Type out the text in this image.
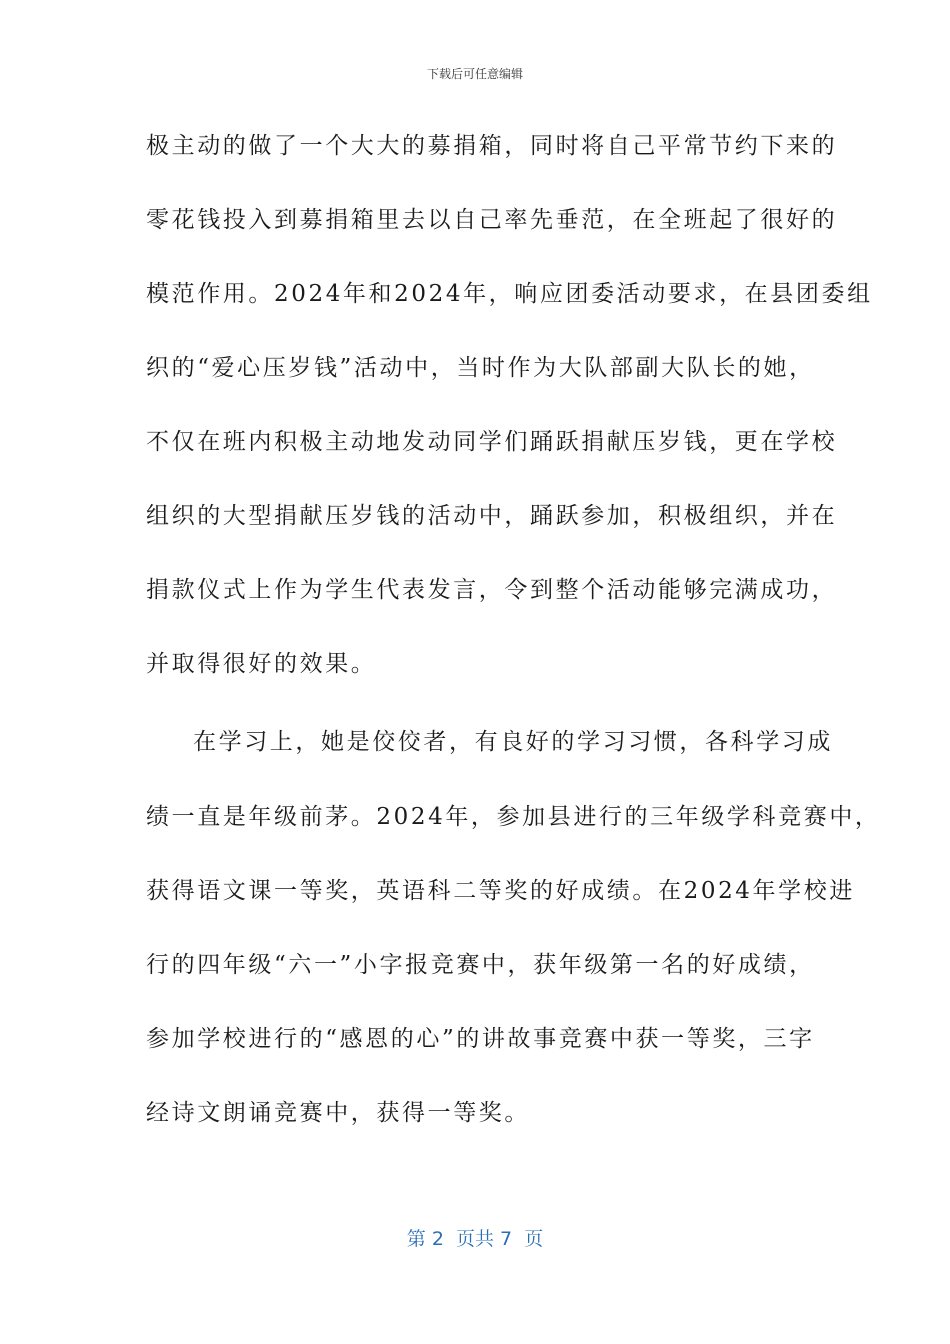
下载后可任意编辑
极主动的做了一个大大的募捐箱，同时将自己平常节约下来的
零花钱投入到募捐箱里去以自己率先垂范，在全班起了很好的
模范作用。2024年和2024年，响应团委活动要求，在县团委组
织的“爱心压岁钱”活动中，当时作为大队部副大队长的她，
不仅在班内积极主动地发动同学们踊跃捐献压岁钱，更在学校
组织的大型捐献压岁钱的活动中，踊跃参加，积极组织，并在
捐款仪式上作为学生代表发言，令到整个活动能够完满成功，
并取得很好的效果。
在学习上，她是佼佼者，有良好的学习习惯，各科学习成
绩一直是年级前茅。2024年，参加县进行的三年级学科竞赛中，
获得语文课一等奖，英语科二等奖的好成绩。在2024年学校进
行的四年级“六一”小字报竞赛中，获年级第一名的好成绩，
参加学校进行的“感恩的心”的讲故事竞赛中获一等奖，三字
经诗文朗诵竞赛中，获得一等奖。
第 2  页共 7  页
